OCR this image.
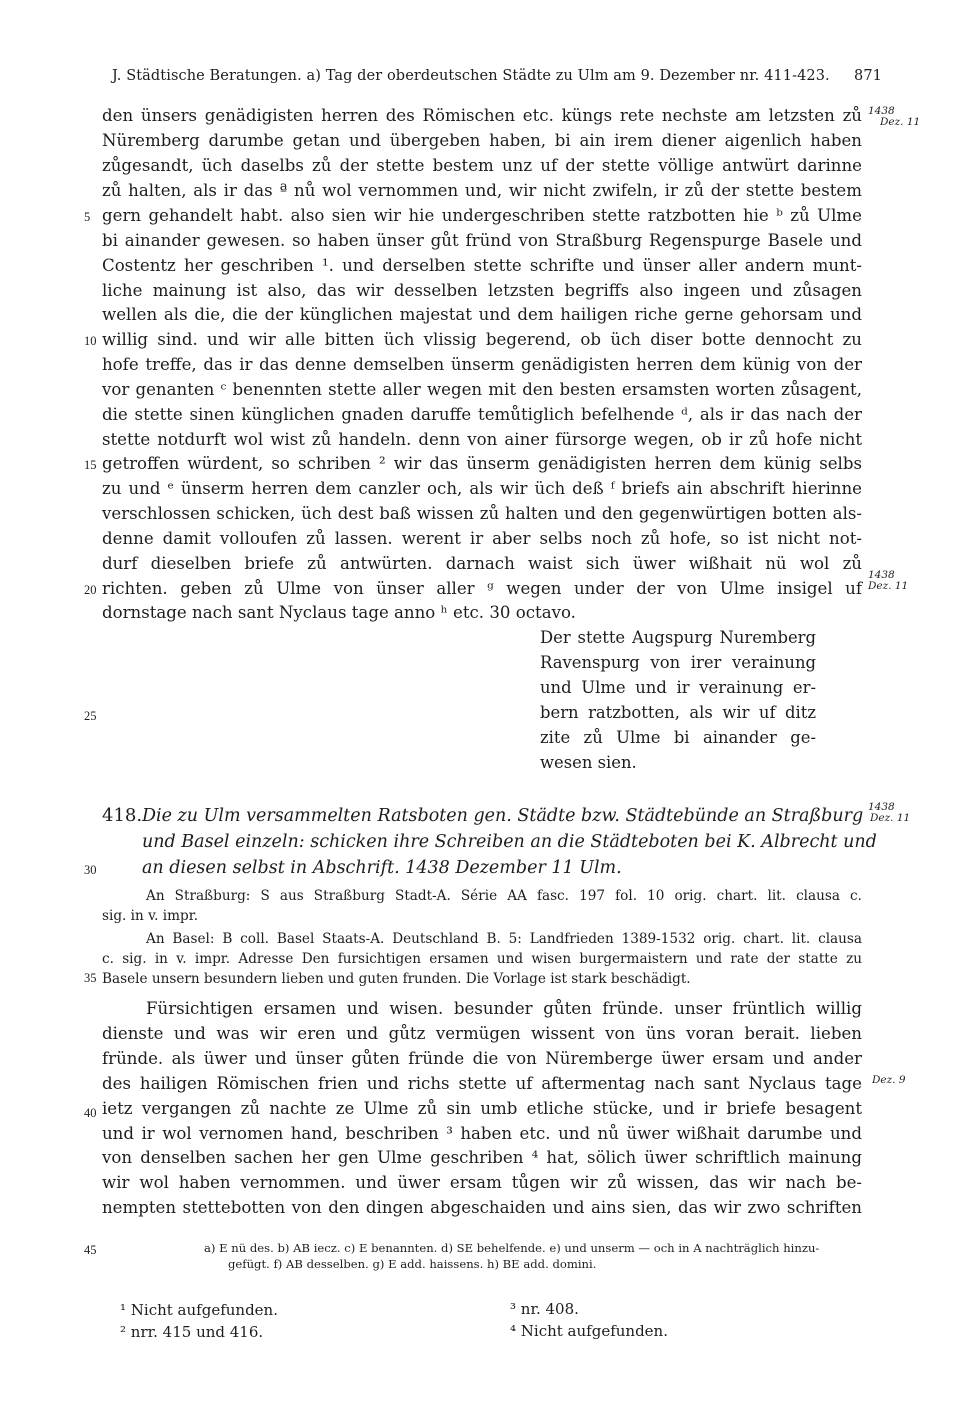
J. Städtische Beratungen. a) Tag der oberdeutschen Städte zu Ulm am 9. Dezember nr. 411-423. 871
1438
Dez. 11
1438
Dez. 11
1438
Dez. 11
Dez. 9
5
10
15
20
25
30
35
40
45
den ünsers genädigisten herren des Römischen etc. küngs rete nechste am letzsten zů
Nüremberg darumbe getan und übergeben haben, bi ain irem diener aigenlich haben
zůgesandt, üch daselbs zů der stette bestem unz uf der stette völlige antwürt darinne
zů halten, als ir das ª nů wol vernommen und, wir nicht zwifeln, ir zů der stette bestem
gern gehandelt habt. also sien wir hie undergeschriben stette ratzbotten hie ᵇ zů Ulme
bi ainander gewesen. so haben ünser gůt fründ von Straßburg Regenspurge Basele und
Costentz her geschriben ¹. und derselben stette schrifte und ünser aller andern munt-
liche mainung ist also, das wir desselben letzsten begriffs also ingeen und zůsagen
wellen als die, die der künglichen majestat und dem hailigen riche gerne gehorsam und
willig sind. und wir alle bitten üch vlissig begerend, ob üch diser botte dennocht zu
hofe treffe, das ir das denne demselben ünserm genädigisten herren dem künig von der
vor genanten ᶜ benennten stette aller wegen mit den besten ersamsten worten zůsagent,
die stette sinen künglichen gnaden daruffe temůtiglich befelhende ᵈ, als ir das nach der
stette notdurft wol wist zů handeln. denn von ainer fürsorge wegen, ob ir zů hofe nicht
getroffen würdent, so schriben ² wir das ünserm genädigisten herren dem künig selbs
zu und ᵉ ünserm herren dem canzler och, als wir üch deß ᶠ briefs ain abschrift hierinne
verschlossen schicken, üch dest baß wissen zů halten und den gegenwürtigen botten als-
denne damit volloufen zů lassen. werent ir aber selbs noch zů hofe, so ist nicht not-
durf dieselben briefe zů antwürten. darnach waist sich üwer wißhait nü wol zů
richten. geben zů Ulme von ünser aller ᵍ wegen under der von Ulme insigel uf
dornstage nach sant Nyclaus tage anno ʰ etc. 30 octavo.
Der stette Augspurg Nuremberg
Ravenspurg von irer verainung
und Ulme und ir verainung er-
bern ratzbotten, als wir uf ditz
zite zů Ulme bi ainander ge-
wesen sien.
418. Die zu Ulm versammelten Ratsboten gen. Städte bzw. Städtebünde an Straßburg
und Basel einzeln: schicken ihre Schreiben an die Städteboten bei K. Albrecht und
an diesen selbst in Abschrift. 1438 Dezember 11 Ulm.
An Straßburg: S aus Straßburg Stadt-A. Série AA fasc. 197 fol. 10 orig. chart. lit. clausa c.
sig. in v. impr.
An Basel: B coll. Basel Staats-A. Deutschland B. 5: Landfrieden 1389-1532 orig. chart. lit. clausa
c. sig. in v. impr. Adresse Den fursichtigen ersamen und wisen burgermaistern und rate der statte zu
Basele unsern besundern lieben und guten frunden. Die Vorlage ist stark beschädigt.
Fürsichtigen ersamen und wisen. besunder gůten fründe. unser früntlich willig
dienste und was wir eren und gůtz vermügen wissent von üns voran berait. lieben
fründe. als üwer und ünser gůten fründe die von Nüremberge üwer ersam und ander
des hailigen Römischen frien und richs stette uf aftermentag nach sant Nyclaus tage
ietz vergangen zů nachte ze Ulme zů sin umb etliche stücke, und ir briefe besagent
und ir wol vernomen hand, beschriben ³ haben etc. und nů üwer wißhait darumbe und
von denselben sachen her gen Ulme geschriben ⁴ hat, sölich üwer schriftlich mainung
wir wol haben vernommen. und üwer ersam tůgen wir zů wissen, das wir nach be-
nempten stettebotten von den dingen abgeschaiden und ains sien, das wir zwo schriften
a) E nü des. b) AB iecz. c) E benannten. d) SE behelfende. e) und unserm — och in A nachträglich hinzu-
gefügt. f) AB desselben. g) E add. haissens. h) BE add. domini.
¹ Nicht aufgefunden.
² nrr. 415 und 416.
³ nr. 408.
⁴ Nicht aufgefunden.
